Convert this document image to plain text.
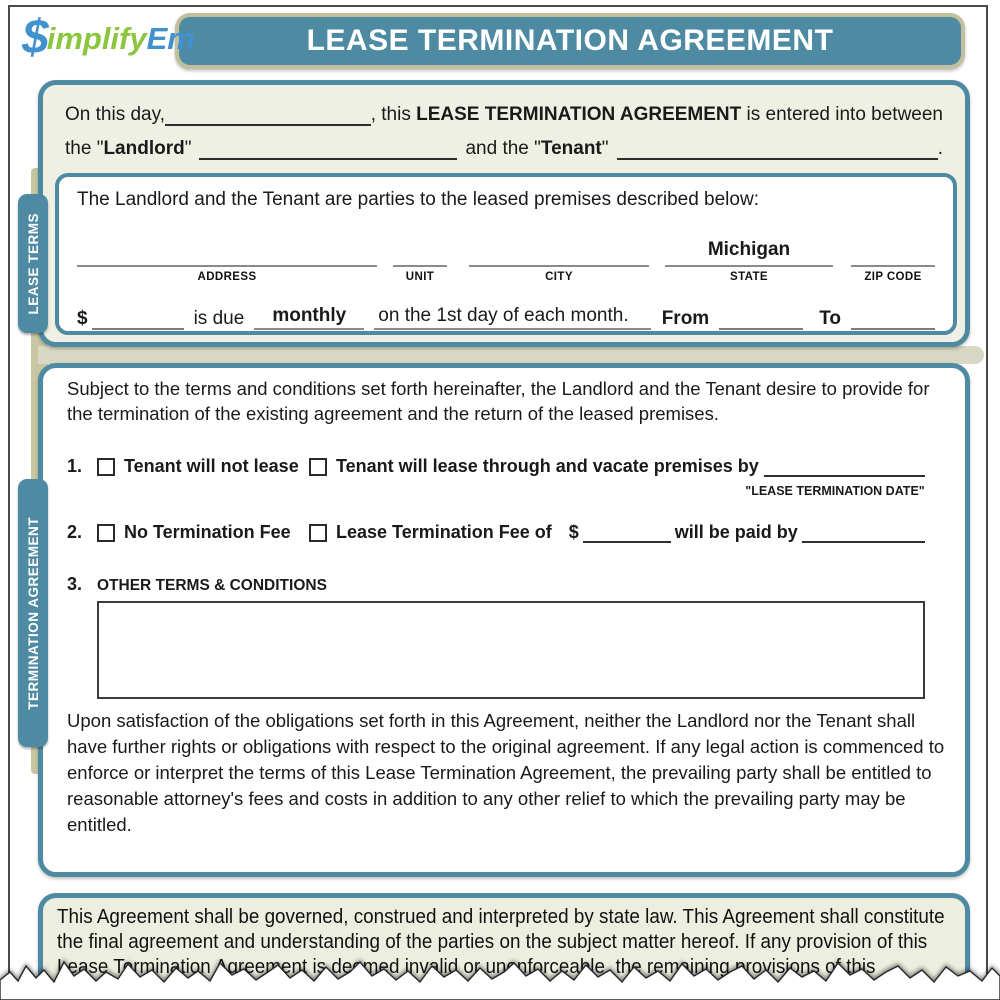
$implifyEm	LEASE TERMINATION AGREEMENT
On this day,	, this LEASE TERMINATION AGREEMENT is entered into between
the " Landlord "	and the " Tenant "	.
The Landlord and the Tenant are parties to the leased premises described below:
ADDRESS	UNIT	CITY
Michigan
STATE	ZIP CODE
$	is due	monthly	on the 1st day of each month.	From	To
LEASE TERMS

Subject to the terms and conditions set forth hereinafter, the Landlord and the Tenant desire to provide for the termination of the existing agreement and the return of the leased premises.

1.	Tenant will not lease	Tenant will lease through and vacate premises by
"LEASE TERMINATION DATE"
2.	No Termination Fee	Lease Termination Fee of $	will be paid by
3. OTHER TERMS & CONDITIONS

Upon satisfaction of the obligations set forth in this Agreement, neither the Landlord nor the Tenant shall have further rights or obligations with respect to the original agreement. If any legal action is commenced to enforce or interpret the terms of this Lease Termination Agreement, the prevailing party shall be entitled to reasonable attorney's fees and costs in addition to any other relief to which the prevailing party may be entitled.

TERMINATION AGREEMENT
This Agreement shall be governed, construed and interpreted by state law. This Agreement shall constitute
the final agreement and understanding of the parties on the subject matter hereof. If any provision of this
Lease Termination Agreement is deemed invalid or unenforceable, the remaining provisions of this
